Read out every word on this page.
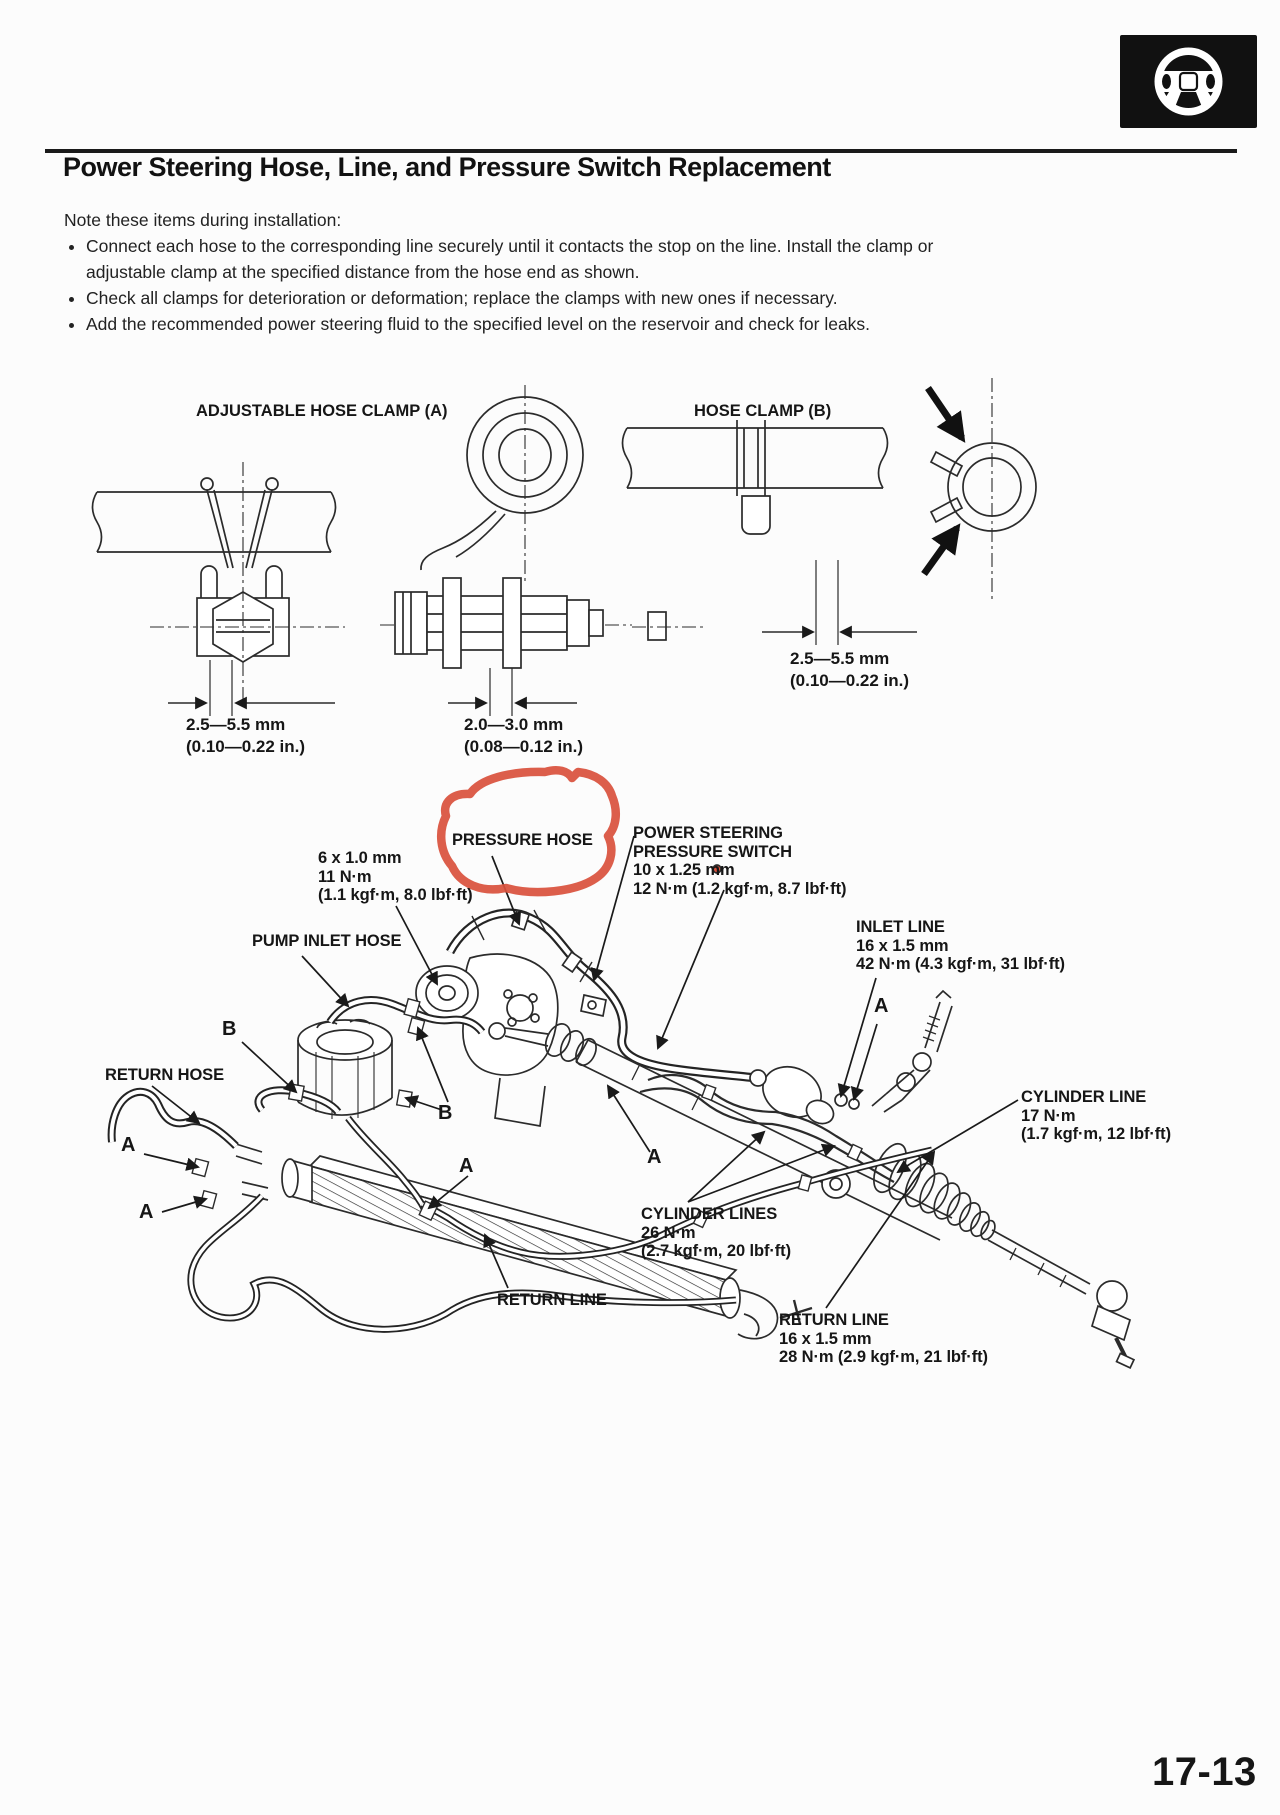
Power Steering Hose, Line, and Pressure Switch Replacement

Note these items during installation:

• Connect each hose to the corresponding line securely until it contacts the stop on the line. Install the clamp or adjustable clamp at the specified distance from the hose end as shown.
• Check all clamps for deterioration or deformation; replace the clamps with new ones if necessary.
• Add the recommended power steering fluid to the specified level on the reservoir and check for leaks.
ADJUSTABLE HOSE CLAMP (A)	HOSE CLAMP (B)
2.5—5.5 mm
(0.10—0.22 in.)
2.0—3.0 mm
(0.08—0.12 in.)
2.5—5.5 mm
(0.10—0.22 in.)
PRESSURE HOSE
6 x 1.0 mm
11 N·m
(1.1 kgf·m, 8.0 lbf·ft)
POWER STEERING
PRESSURE SWITCH
10 x 1.25 mm
12 N·m (1.2 kgf·m, 8.7 lbf·ft)
PUMP INLET HOSE
INLET LINE
16 x 1.5 mm
42 N·m (4.3 kgf·m, 31 lbf·ft)
RETURN HOSE
CYLINDER LINE
17 N·m
(1.7 kgf·m, 12 lbf·ft)
CYLINDER LINES
26 N·m
(2.7 kgf·m, 20 lbf·ft)
RETURN LINE
RETURN LINE
16 x 1.5 mm
28 N·m (2.9 kgf·m, 21 lbf·ft)
A
A
A	A
A
B
B
17-13
